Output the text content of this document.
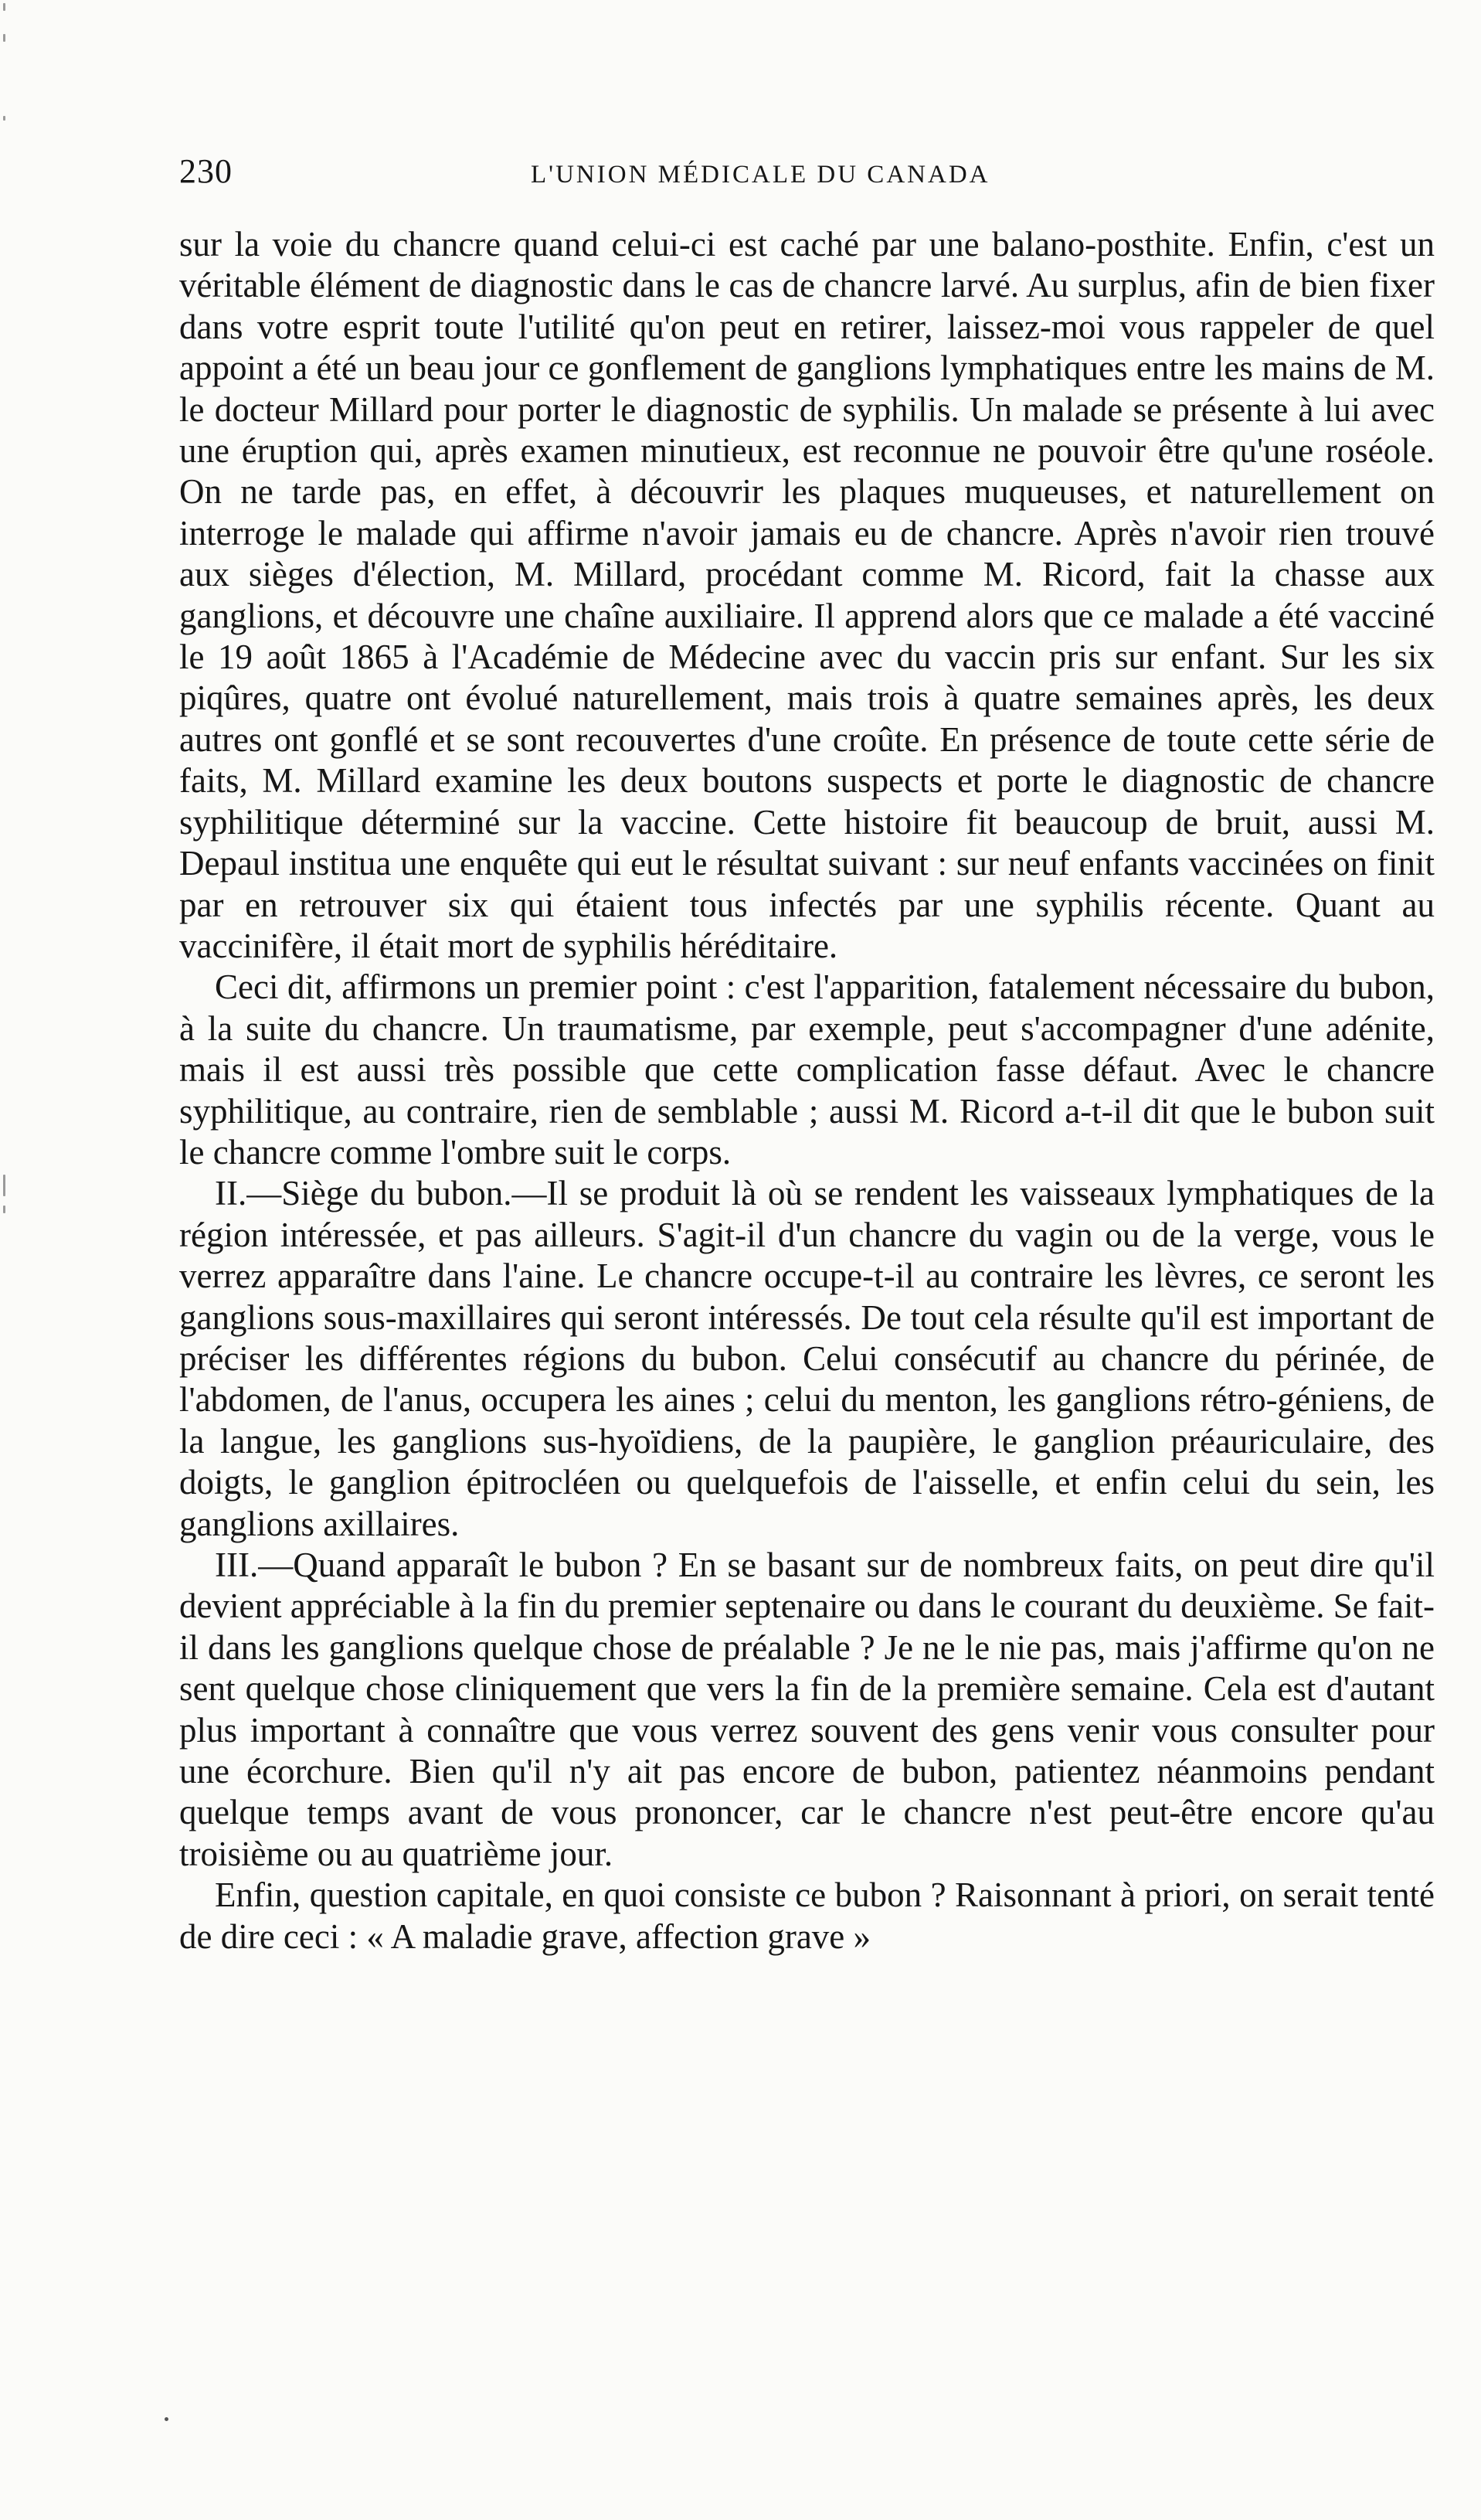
230	L'UNION MÉDICALE DU CANADA

sur la voie du chancre quand celui-ci est caché par une balano-posthite. Enfin, c'est un véritable élément de diagnostic dans le cas de chancre larvé. Au surplus, afin de bien fixer dans votre esprit toute l'utilité qu'on peut en retirer, laissez-moi vous rappeler de quel appoint a été un beau jour ce gonflement de ganglions lymphatiques entre les mains de M. le docteur Millard pour porter le diagnostic de syphilis. Un malade se présente à lui avec une éruption qui, après examen minutieux, est reconnue ne pouvoir être qu'une roséole. On ne tarde pas, en effet, à découvrir les plaques muqueuses, et naturellement on interroge le malade qui affirme n'avoir jamais eu de chancre. Après n'avoir rien trouvé aux sièges d'élection, M. Millard, procédant comme M. Ricord, fait la chasse aux ganglions, et découvre une chaîne auxiliaire. Il apprend alors que ce malade a été vacciné le 19 août 1865 à l'Académie de Médecine avec du vaccin pris sur enfant. Sur les six piqûres, quatre ont évolué naturellement, mais trois à quatre semaines après, les deux autres ont gonflé et se sont recouvertes d'une croûte. En présence de toute cette série de faits, M. Millard examine les deux boutons suspects et porte le diagnostic de chancre syphilitique déterminé sur la vaccine. Cette histoire fit beaucoup de bruit, aussi M. Depaul institua une enquête qui eut le résultat suivant : sur neuf enfants vaccinées on finit par en retrouver six qui étaient tous infectés par une syphilis récente. Quant au vaccinifère, il était mort de syphilis héréditaire.

Ceci dit, affirmons un premier point : c'est l'apparition, fatalement nécessaire du bubon, à la suite du chancre. Un traumatisme, par exemple, peut s'accompagner d'une adénite, mais il est aussi très possible que cette complication fasse défaut. Avec le chancre syphilitique, au contraire, rien de semblable ; aussi M. Ricord a-t-il dit que le bubon suit le chancre comme l'ombre suit le corps.

II.—Siège du bubon.—Il se produit là où se rendent les vaisseaux lymphatiques de la région intéressée, et pas ailleurs. S'agit-il d'un chancre du vagin ou de la verge, vous le verrez apparaître dans l'aine. Le chancre occupe-t-il au contraire les lèvres, ce seront les ganglions sous-maxillaires qui seront intéressés. De tout cela résulte qu'il est important de préciser les différentes régions du bubon. Celui consécutif au chancre du périnée, de l'abdomen, de l'anus, occupera les aines ; celui du menton, les ganglions rétro-géniens, de la langue, les ganglions sus-hyoïdiens, de la paupière, le ganglion préauriculaire, des doigts, le ganglion épitrocléen ou quelquefois de l'aisselle, et enfin celui du sein, les ganglions axillaires.

III.—Quand apparaît le bubon ? En se basant sur de nombreux faits, on peut dire qu'il devient appréciable à la fin du premier septenaire ou dans le courant du deuxième. Se fait-il dans les ganglions quelque chose de préalable ? Je ne le nie pas, mais j'affirme qu'on ne sent quelque chose cliniquement que vers la fin de la première semaine. Cela est d'autant plus important à connaître que vous verrez souvent des gens venir vous consulter pour une écorchure. Bien qu'il n'y ait pas encore de bubon, patientez néanmoins pendant quelque temps avant de vous prononcer, car le chancre n'est peut-être encore qu'au troisième ou au quatrième jour.

Enfin, question capitale, en quoi consiste ce bubon ? Raisonnant à priori, on serait tenté de dire ceci : « A maladie grave, affection grave »
